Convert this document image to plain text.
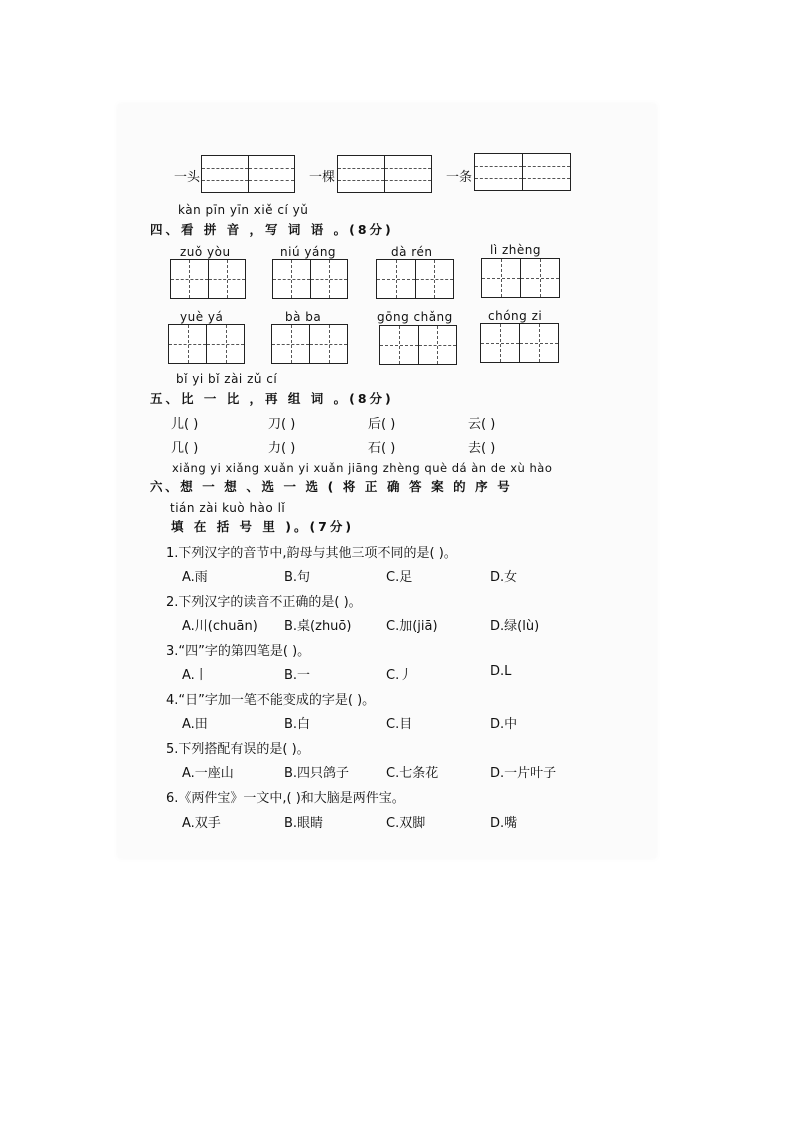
一头	一棵	一条
kàn pīn yīn xiě cí yǔ
四、看 拼 音 ，写 词 语 。(8分)
zuǒ yòu	niú yáng	dà rén	lì zhèng
yuè yá	bà ba	gōng chǎng	chóng zi
bǐ yi bǐ zài zǔ cí
五、比 一 比 ，再 组 词 。(8分)
儿( )	刀( )	后( )	云( )
几( )	力( )	石( )	去( )
xiǎng yi xiǎng xuǎn yi xuǎn jiāng zhèng què dá àn de xù hào
六、想 一 想 、选 一 选 ( 将 正 确 答 案 的 序 号
tián zài kuò hào lǐ
填 在 括 号 里 )。(7分)
1.下列汉字的音节中,韵母与其他三项不同的是( )。
A.雨	B.句	C.足	D.女
2.下列汉字的读音不正确的是( )。
A.川(chuān) B.桌(zhuō)	C.加(jiā)	D.绿(lù)
3.“四”字的第四笔是( )。
A.丨	B.一	C.丿	D.L
4.“日”字加一笔不能变成的字是( )。
A.田	B.白	C.目	D.中
5.下列搭配有误的是( )。
A.一座山	B.四只鸽子	C.七条花	D.一片叶子
6.《两件宝》一文中,( )和大脑是两件宝。
A.双手	B.眼睛	C.双脚	D.嘴
